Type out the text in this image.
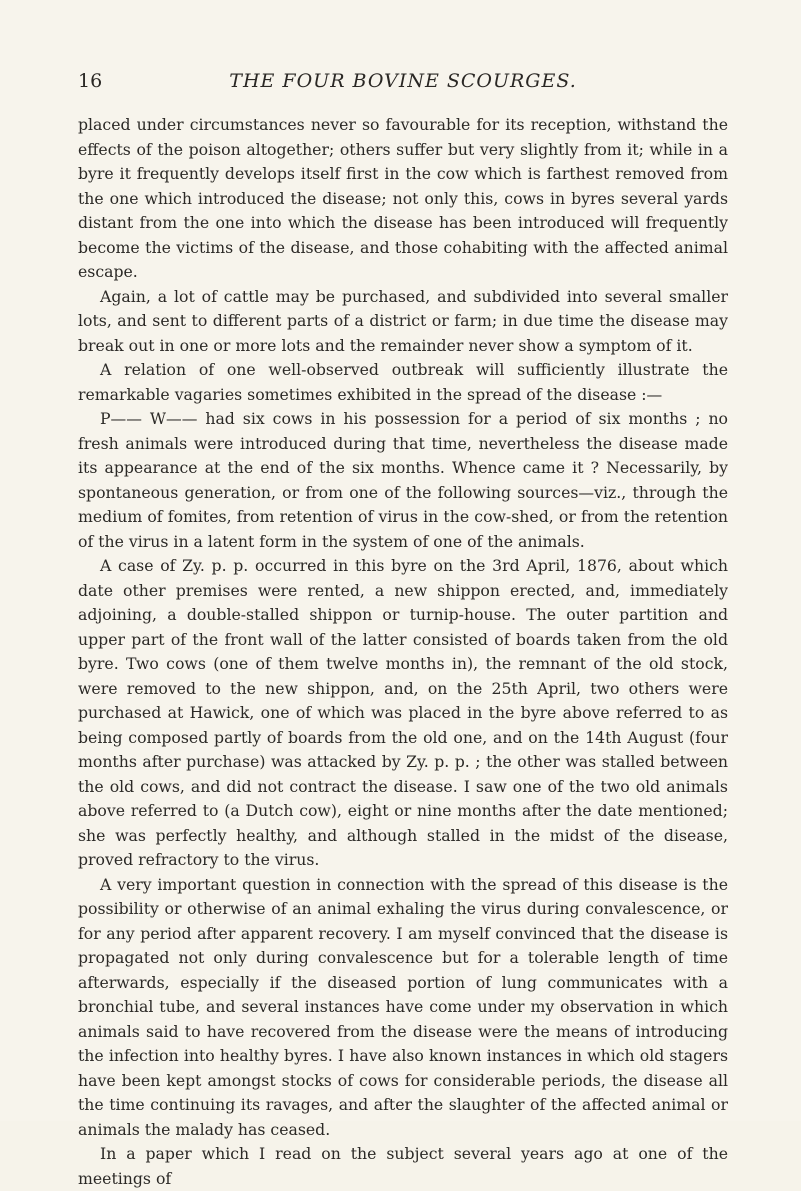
16	THE FOUR BOVINE SCOURGES.

placed under circumstances never so favourable for its reception, withstand the effects of the poison altogether; others suffer but very slightly from it; while in a byre it frequently develops itself first in the cow which is farthest removed from the one which introduced the disease; not only this, cows in byres several yards distant from the one into which the disease has been introduced will frequently become the victims of the disease, and those cohabiting with the affected animal escape.

Again, a lot of cattle may be purchased, and subdivided into several smaller lots, and sent to different parts of a district or farm; in due time the disease may break out in one or more lots and the remainder never show a symptom of it.

A relation of one well-observed outbreak will sufficiently illustrate the remarkable vagaries sometimes exhibited in the spread of the disease :—

P—— W—— had six cows in his possession for a period of six months ; no fresh animals were introduced during that time, nevertheless the disease made its appearance at the end of the six months. Whence came it ? Necessarily, by spontaneous generation, or from one of the following sources—viz., through the medium of fomites, from retention of virus in the cow-shed, or from the retention of the virus in a latent form in the system of one of the animals.

A case of Zy. p. p. occurred in this byre on the 3rd April, 1876, about which date other premises were rented, a new shippon erected, and, immediately adjoining, a double-stalled shippon or turnip-house. The outer partition and upper part of the front wall of the latter consisted of boards taken from the old byre. Two cows (one of them twelve months in), the remnant of the old stock, were removed to the new shippon, and, on the 25th April, two others were purchased at Hawick, one of which was placed in the byre above referred to as being composed partly of boards from the old one, and on the 14th August (four months after purchase) was attacked by Zy. p. p. ; the other was stalled between the old cows, and did not contract the disease. I saw one of the two old animals above referred to (a Dutch cow), eight or nine months after the date mentioned; she was perfectly healthy, and although stalled in the midst of the disease, proved refractory to the virus.

A very important question in connection with the spread of this disease is the possibility or otherwise of an animal exhaling the virus during convalescence, or for any period after apparent recovery. I am myself convinced that the disease is propagated not only during convalescence but for a tolerable length of time afterwards, especially if the diseased portion of lung communicates with a bronchial tube, and several instances have come under my observation in which animals said to have recovered from the disease were the means of introducing the infection into healthy byres. I have also known instances in which old stagers have been kept amongst stocks of cows for considerable periods, the disease all the time continuing its ravages, and after the slaughter of the affected animal or animals the malady has ceased.

In a paper which I read on the subject several years ago at one of the meetings of
